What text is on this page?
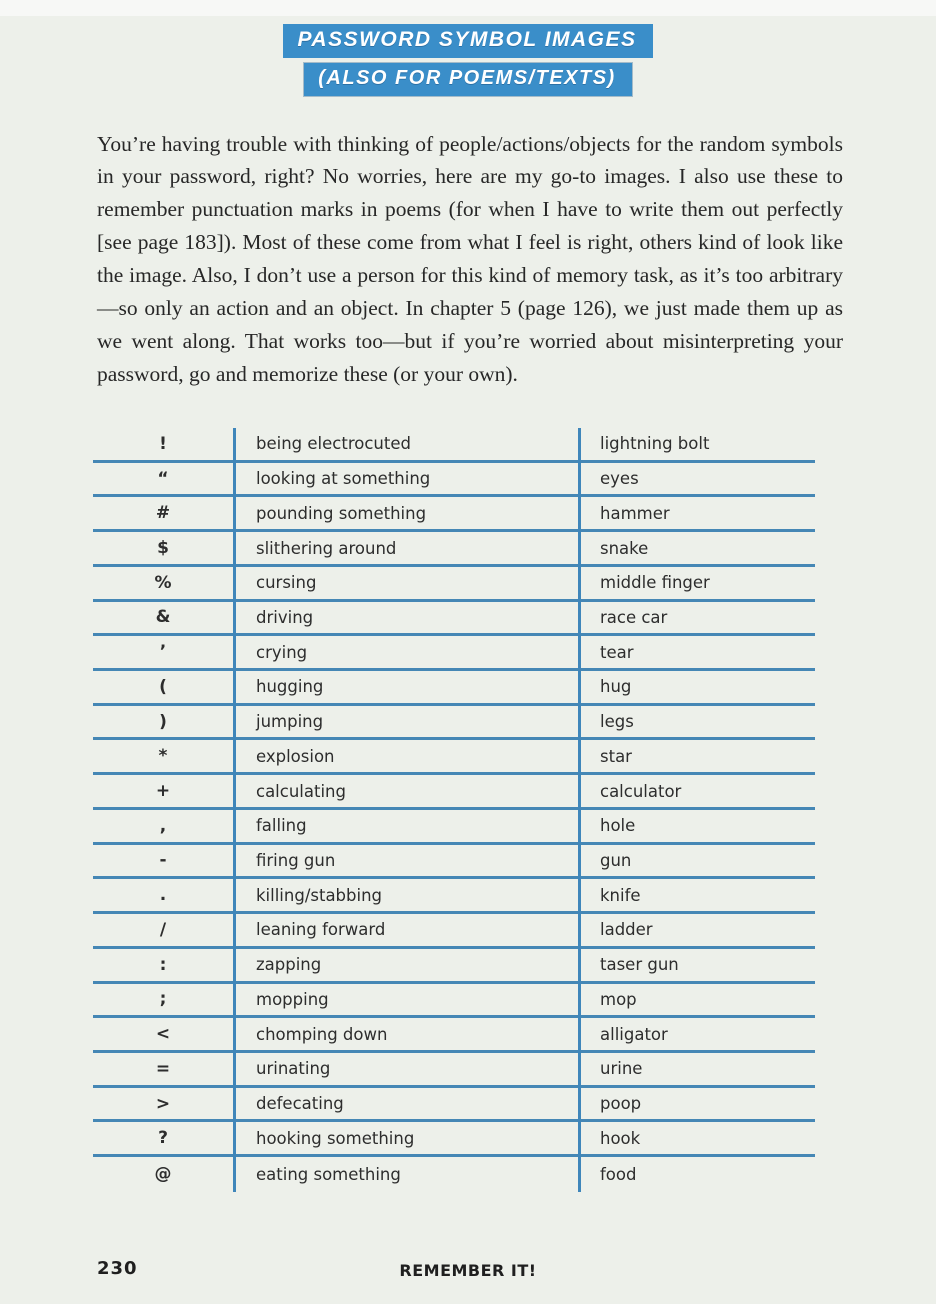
PASSWORD SYMBOL IMAGES
(ALSO FOR POEMS/TEXTS)

You’re having trouble with thinking of people/actions/objects for the random symbols in your password, right? No worries, here are my go-to images. I also use these to remember punctuation marks in poems (for when I have to write them out perfectly [see page 183]). Most of these come from what I feel is right, others kind of look like the image. Also, I don’t use a person for this kind of memory task, as it’s too arbitrary—so only an action and an object. In chapter 5 (page 126), we just made them up as we went along. That works too—but if you’re worried about misinterpreting your password, go and memorize these (or your own).

!	being electrocuted	lightning bolt
“	looking at something	eyes
#	pounding something	hammer
$	slithering around	snake
%	cursing	middle finger
&	driving	race car
’	crying	tear
(	hugging	hug
)	jumping	legs
*	explosion	star
+	calculating	calculator
,	falling	hole
-	firing gun	gun
.	killing/stabbing	knife
/	leaning forward	ladder
:	zapping	taser gun
;	mopping	mop
<	chomping down	alligator
=	urinating	urine
>	defecating	poop
?	hooking something	hook
@	eating something	food
230	REMEMBER IT!
